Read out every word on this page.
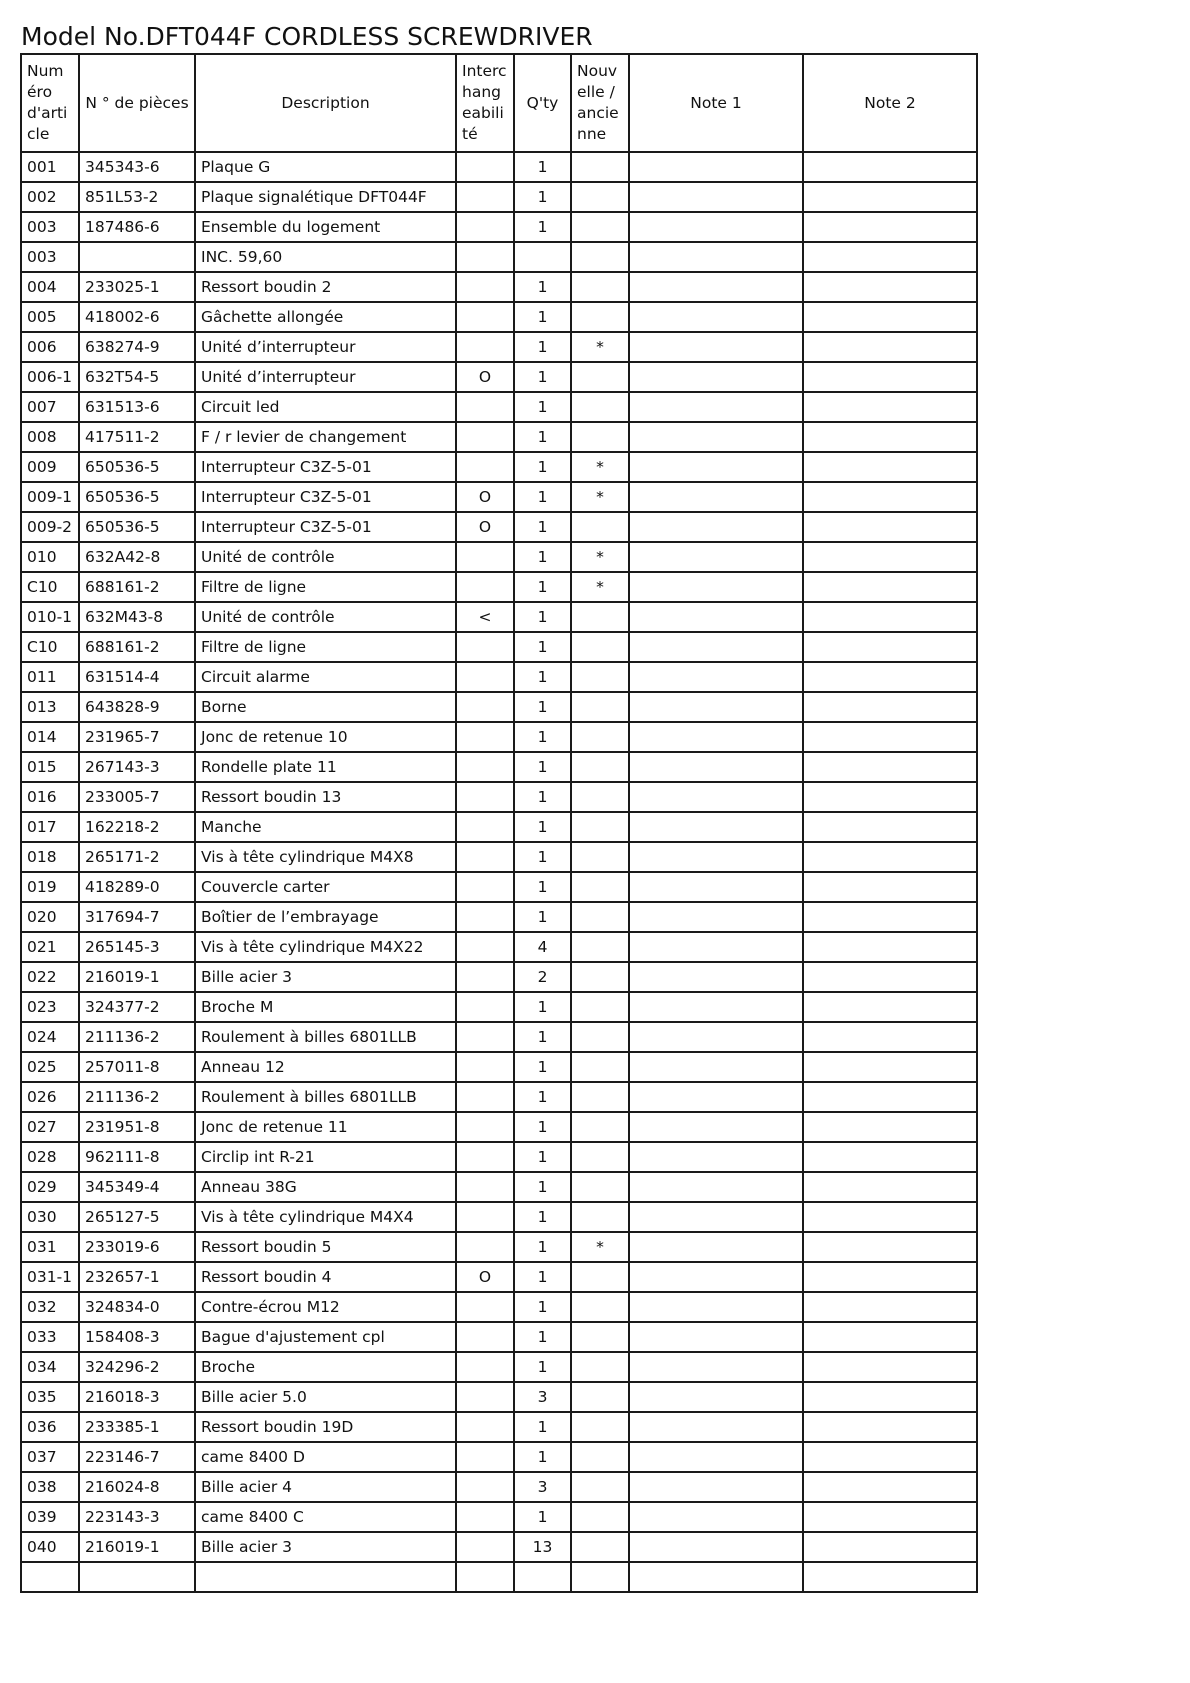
Model No.DFT044F CORDLESS SCREWDRIVER
Numéro d'article	N ° de pièces	Description	Interchangeabilité	Q'ty	Nouvelle / ancienne	Note 1	Note 2
001	345343-6	Plaque G		1			
002	851L53-2	Plaque signalétique DFT044F		1			
003	187486-6	Ensemble du logement		1			
003		INC. 59,60					
004	233025-1	Ressort boudin 2		1			
005	418002-6	Gâchette allongée		1			
006	638274-9	Unité d’interrupteur		1	*		
006-1	632T54-5	Unité d’interrupteur	O	1			
007	631513-6	Circuit led		1			
008	417511-2	F / r levier de changement		1			
009	650536-5	Interrupteur C3Z-5-01		1	*		
009-1	650536-5	Interrupteur C3Z-5-01	O	1	*		
009-2	650536-5	Interrupteur C3Z-5-01	O	1			
010	632A42-8	Unité de contrôle		1	*		
C10	688161-2	Filtre de ligne		1	*		
010-1	632M43-8	Unité de contrôle	<	1			
C10	688161-2	Filtre de ligne		1			
011	631514-4	Circuit alarme		1			
013	643828-9	Borne		1			
014	231965-7	Jonc de retenue 10		1			
015	267143-3	Rondelle plate 11		1			
016	233005-7	Ressort boudin 13		1			
017	162218-2	Manche		1			
018	265171-2	Vis à tête cylindrique M4X8		1			
019	418289-0	Couvercle carter		1			
020	317694-7	Boîtier de l’embrayage		1			
021	265145-3	Vis à tête cylindrique M4X22		4			
022	216019-1	Bille acier 3		2			
023	324377-2	Broche M		1			
024	211136-2	Roulement à billes 6801LLB		1			
025	257011-8	Anneau 12		1			
026	211136-2	Roulement à billes 6801LLB		1			
027	231951-8	Jonc de retenue 11		1			
028	962111-8	Circlip int R-21		1			
029	345349-4	Anneau 38G		1			
030	265127-5	Vis à tête cylindrique M4X4		1			
031	233019-6	Ressort boudin 5		1	*		
031-1	232657-1	Ressort boudin 4	O	1			
032	324834-0	Contre-écrou M12		1			
033	158408-3	Bague d'ajustement cpl		1			
034	324296-2	Broche		1			
035	216018-3	Bille acier 5.0		3			
036	233385-1	Ressort boudin 19D		1			
037	223146-7	came 8400 D		1			
038	216024-8	Bille acier 4		3			
039	223143-3	came 8400 C		1			
040	216019-1	Bille acier 3		13			
